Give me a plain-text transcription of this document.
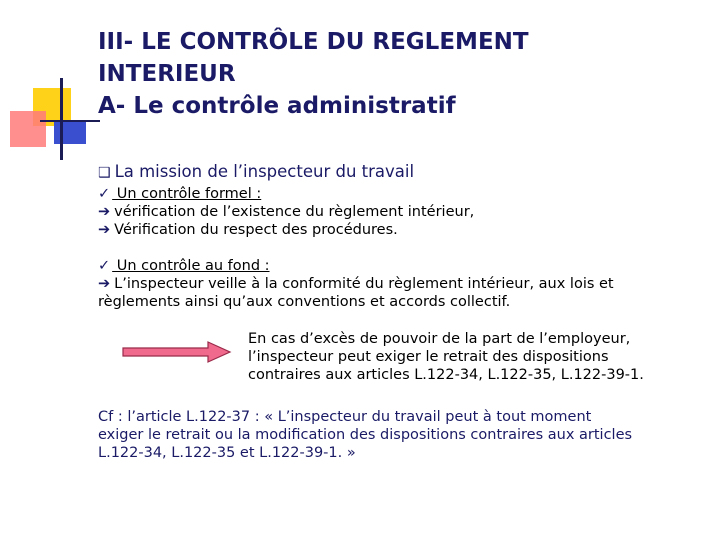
III- LE CONTRÔLE DU REGLEMENT
INTERIEUR
A- Le contrôle administratif
❑ La mission de l’inspecteur du travail
✓ Un contrôle formel :
➔ vérification de l’existence du règlement intérieur,
➔ Vérification du respect des procédures.
✓ Un contrôle au fond :
➔ L’inspecteur veille à la conformité du règlement intérieur, aux lois et
règlements ainsi qu’aux conventions et accords collectif.
En cas d’excès de pouvoir de la part de l’employeur,
l’inspecteur peut exiger le retrait des dispositions
contraires aux articles L.122-34, L.122-35, L.122-39-1.
Cf : l’article L.122-37 : « L’inspecteur du travail peut à tout moment
exiger le retrait ou la modification des dispositions contraires aux articles
L.122-34, L.122-35 et L.122-39-1. »
